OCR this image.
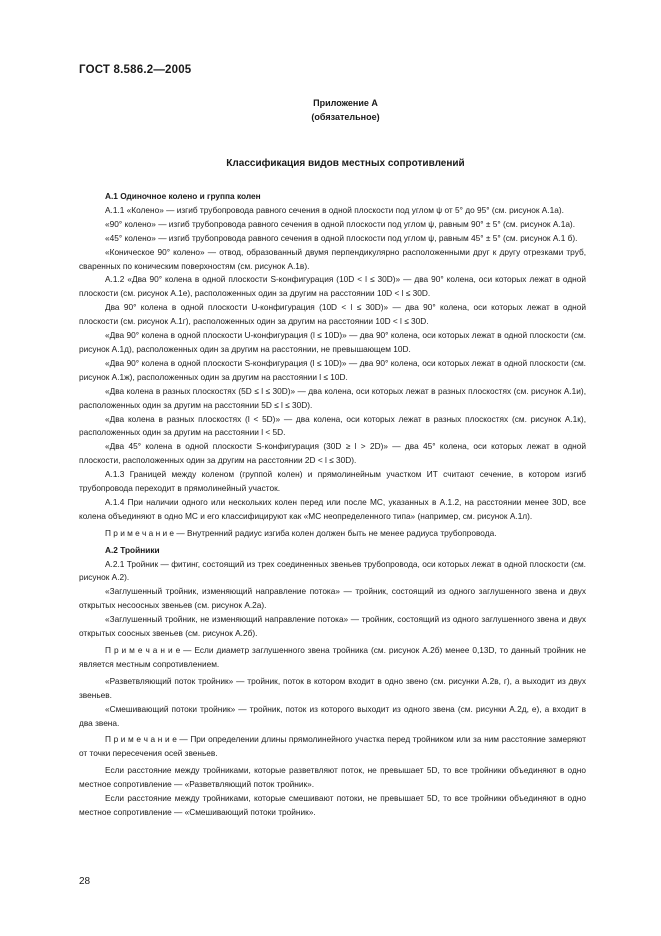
ГОСТ 8.586.2—2005
Приложение А
(обязательное)
Классификация видов местных сопротивлений

А.1 Одиночное колено и группа колен

А.1.1 «Колено» — изгиб трубопровода равного сечения в одной плоскости под углом ψ от 5° до 95° (см. рисунок А.1а).

«90° колено» — изгиб трубопровода равного сечения в одной плоскости под углом ψ, равным 90° ± 5° (см. рисунок А.1а).

«45° колено» — изгиб трубопровода равного сечения в одной плоскости под углом ψ, равным 45° ± 5° (см. рисунок А.1 б).

«Коническое 90° колено» — отвод, образованный двумя перпендикулярно расположенными друг к другу отрезками труб, сваренных по коническим поверхностям (см. рисунок А.1в).

А.1.2 «Два 90° колена в одной плоскости S-конфигурация (10D < l ≤ 30D)» — два 90° колена, оси которых лежат в одной плоскости (см. рисунок А.1е), расположенных один за другим на расстоянии 10D < l ≤ 30D.

Два 90° колена в одной плоскости U-конфигурация (10D < l ≤ 30D)» — два 90° колена, оси которых лежат в одной плоскости (см. рисунок А.1г), расположенных один за другим на расстоянии 10D < l ≤ 30D.

«Два 90° колена в одной плоскости U-конфигурация (l ≤ 10D)» — два 90° колена, оси которых лежат в одной плоскости (см. рисунок А.1д), расположенных один за другим на расстоянии, не превышающем 10D.

«Два 90° колена в одной плоскости S-конфигурация (l ≤ 10D)» — два 90° колена, оси которых лежат в одной плоскости (см. рисунок А.1ж), расположенных один за другим на расстоянии l ≤ 10D.

«Два колена в разных плоскостях (5D ≤ l ≤ 30D)» — два колена, оси которых лежат в разных плоскостях (см. рисунок А.1и), расположенных один за другим на расстоянии 5D ≤ l ≤ 30D).

«Два колена в разных плоскостях (l < 5D)» — два колена, оси которых лежат в разных плоскостях (см. рисунок А.1к), расположенных один за другим на расстоянии l < 5D.

«Два 45° колена в одной плоскости S-конфигурация (30D ≥ l > 2D)» — два 45° колена, оси которых лежат в одной плоскости, расположенных один за другим на расстоянии 2D < l ≤ 30D).

А.1.3 Границей между коленом (группой колен) и прямолинейным участком ИТ считают сечение, в котором изгиб трубопровода переходит в прямолинейный участок.

А.1.4 При наличии одного или нескольких колен перед или после МС, указанных в А.1.2, на расстоянии менее 30D, все колена объединяют в одно МС и его классифицируют как «МС неопределенного типа» (например, см. рисунок А.1л).

П р и м е ч а н и е — Внутренний радиус изгиба колен должен быть не менее радиуса трубопровода.

А.2 Тройники

А.2.1 Тройник — фитинг, состоящий из трех соединенных звеньев трубопровода, оси которых лежат в одной плоскости (см. рисунок А.2).

«Заглушенный тройник, изменяющий направление потока» — тройник, состоящий из одного заглушенного звена и двух открытых несоосных звеньев (см. рисунок А.2а).

«Заглушенный тройник, не изменяющий направление потока» — тройник, состоящий из одного заглушенного звена и двух открытых соосных звеньев (см. рисунок А.2б).

П р и м е ч а н и е — Если диаметр заглушенного звена тройника (см. рисунок А.2б) менее 0,13D, то данный тройник не является местным сопротивлением.

«Разветвляющий поток тройник» — тройник, поток в котором входит в одно звено (см. рисунки А.2в, г), а выходит из двух звеньев.

«Смешивающий потоки тройник» — тройник, поток из которого выходит из одного звена (см. рисунки А.2д, е), а входит в два звена.

П р и м е ч а н и е — При определении длины прямолинейного участка перед тройником или за ним расстояние замеряют от точки пересечения осей звеньев.

Если расстояние между тройниками, которые разветвляют поток, не превышает 5D, то все тройники объединяют в одно местное сопротивление — «Разветвляющий поток тройник».

Если расстояние между тройниками, которые смешивают потоки, не превышает 5D, то все тройники объединяют в одно местное сопротивление — «Смешивающий потоки тройник».

28
